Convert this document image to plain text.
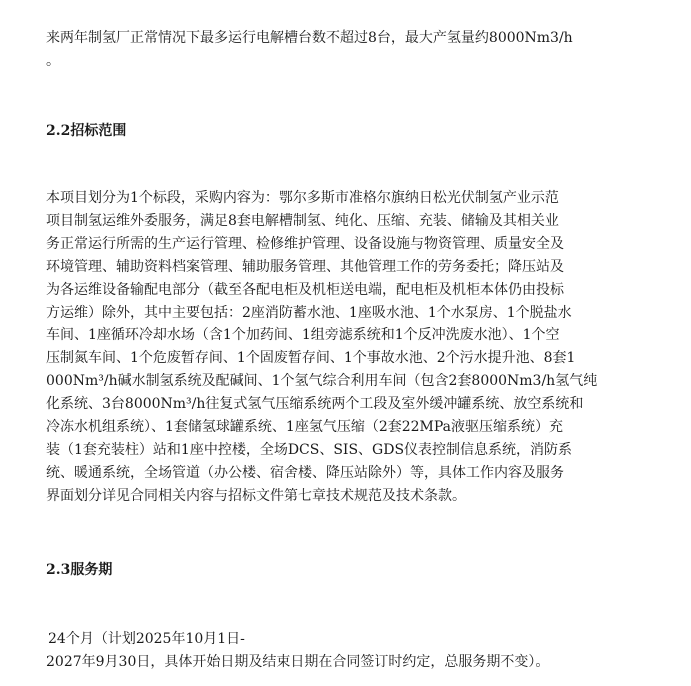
来两年制氢厂正常情况下最多运行电解槽台数不超过8台，最大产氢量约8000Nm3/h
。
2.2招标范围
本项目划分为1个标段，采购内容为：鄂尔多斯市准格尔旗纳日松光伏制氢产业示范
项目制氢运维外委服务，满足8套电解槽制氢、纯化、压缩、充装、储输及其相关业
务正常运行所需的生产运行管理、检修维护管理、设备设施与物资管理、质量安全及
环境管理、辅助资料档案管理、辅助服务管理、其他管理工作的劳务委托；降压站及
为各运维设备输配电部分（截至各配电柜及机柜送电端，配电柜及机柜本体仍由投标
方运维）除外，其中主要包括：2座消防蓄水池、1座吸水池、1个水泵房、1个脱盐水
车间、1座循环冷却水场（含1个加药间、1组旁滤系统和1个反冲洗废水池）、1个空
压制氮车间、1个危废暂存间、1个固废暂存间、1个事故水池、2个污水提升池、8套1
000Nm³/h碱水制氢系统及配碱间、1个氢气综合利用车间（包含2套8000Nm3/h氢气纯
化系统、3台8000Nm³/h往复式氢气压缩系统两个工段及室外缓冲罐系统、放空系统和
冷冻水机组系统）、1套储氢球罐系统、1座氢气压缩（2套22MPa液驱压缩系统）充
装（1套充装柱）站和1座中控楼，全场DCS、SIS、GDS仪表控制信息系统，消防系
统、暖通系统，全场管道（办公楼、宿舍楼、降压站除外）等，具体工作内容及服务
界面划分详见合同相关内容与招标文件第七章技术规范及技术条款。
2.3服务期
24个月（计划2025年10月1日-
2027年9月30日，具体开始日期及结束日期在合同签订时约定，总服务期不变）。
